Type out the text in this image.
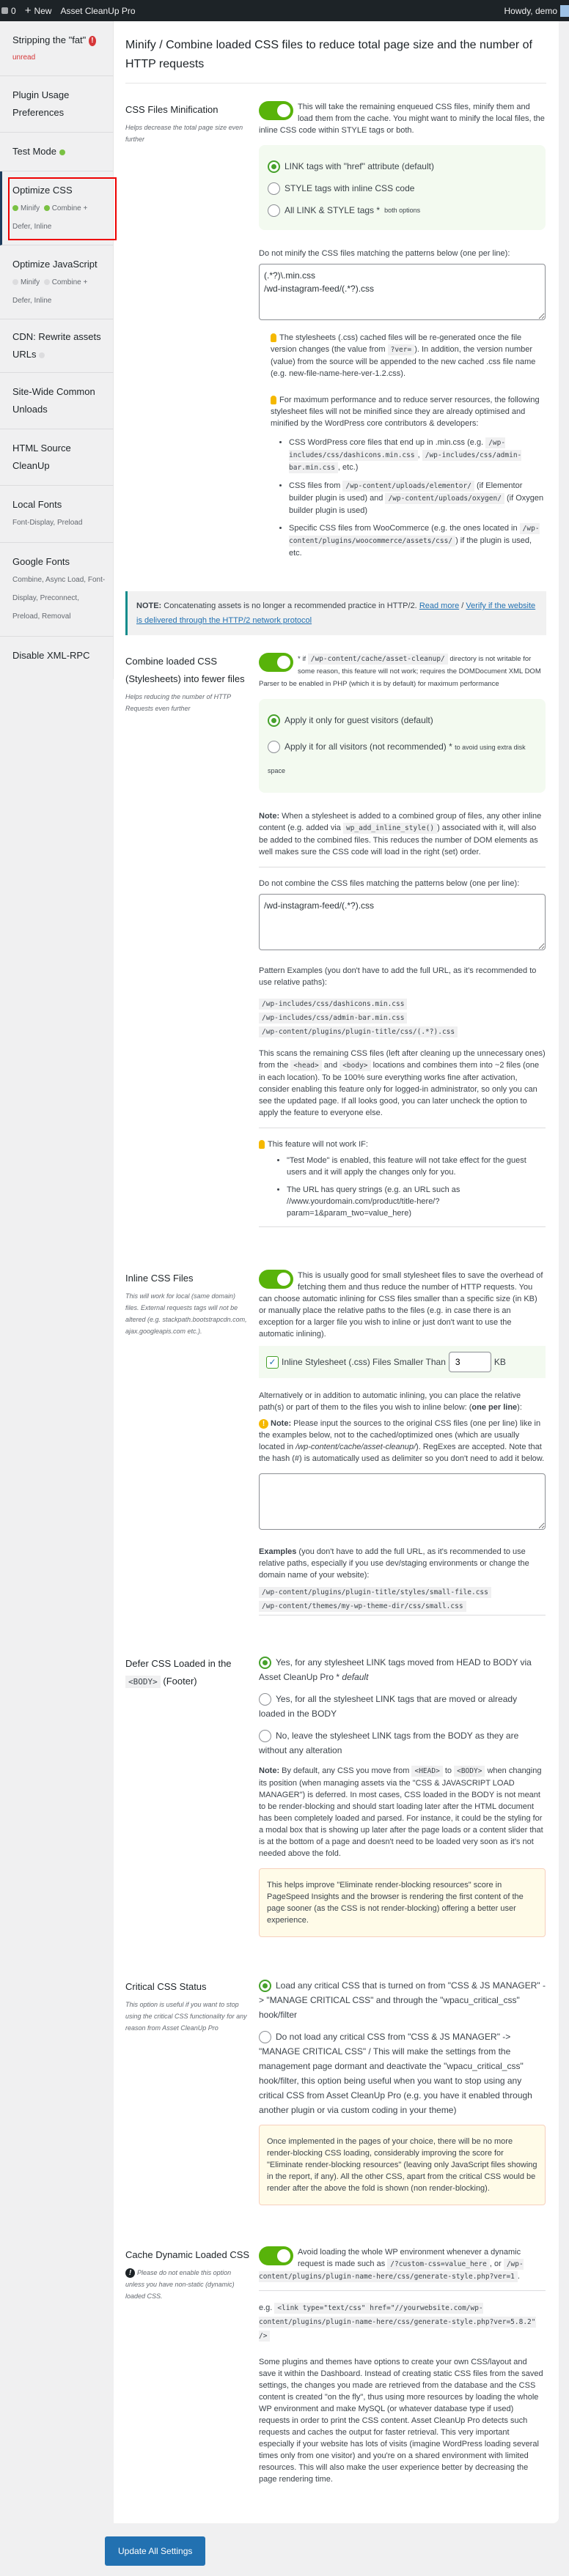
0 + New Asset CleanUp Pro	Howdy, demo
Stripping the "fat" !
unread
Plugin Usage Preferences
Test Mode
Optimize CSS
Minify Combine + Defer, Inline
Optimize JavaScript
Minify Combine + Defer, Inline
CDN: Rewrite assets URLs
Site-Wide Common Unloads
HTML Source CleanUp
Local Fonts
Font-Display, Preload
Google Fonts
Combine, Async Load, Font-Display, Preconnect, Preload, Removal
Disable XML-RPC
Minify / Combine loaded CSS files to reduce total page size and the number of HTTP requests
CSS Files Minification
Helps decrease the total page size even further
This will take the remaining enqueued CSS files, minify them and load them from the cache. You might want to minify the local files, the inline CSS code within STYLE tags or both.
LINK tags with "href" attribute (default)
STYLE tags with inline CSS code
All LINK & STYLE tags * both options

Do not minify the CSS files matching the patterns below (one per line):

(.*?)\.min.css /wd-instagram-feed/(.*?).css

The stylesheets (.css) cached files will be re-generated once the file version changes (the value from ?ver= ). In addition, the version number (value) from the source will be appended to the new cached .css file name (e.g. new-file-name-here-ver-1.2.css).

For maximum performance and to reduce server resources, the following stylesheet files will not be minified since they are already optimised and minified by the WordPress core contributors & developers:

• CSS WordPress core files that end up in .min.css (e.g. /wp-includes/css/dashicons.min.css , /wp-includes/css/admin-bar.min.css , etc.)
• CSS files from /wp-content/uploads/elementor/ (if Elementor builder plugin is used) and /wp-content/uploads/oxygen/ (if Oxygen builder plugin is used)
• Specific CSS files from WooCommerce (e.g. the ones located in /wp-content/plugins/woocommerce/assets/css/ ) if the plugin is used, etc.
NOTE: Concatenating assets is no longer a recommended practice in HTTP/2. Read more / Verify if the website is delivered through the HTTP/2 network protocol
Combine loaded CSS (Stylesheets) into fewer files
Helps reducing the number of HTTP Requests even further
* if /wp-content/cache/asset-cleanup/ directory is not writable for some reason, this feature will not work; requires the DOMDocument XML DOM Parser to be enabled in PHP (which it is by default) for maximum performance
Apply it only for guest visitors (default)
Apply it for all visitors (not recommended) * to avoid using extra disk space

Note: When a stylesheet is added to a combined group of files, any other inline content (e.g. added via wp_add_inline_style() ) associated with it, will also be added to the combined files. This reduces the number of DOM elements as well makes sure the CSS code will load in the right (set) order.

Do not combine the CSS files matching the patterns below (one per line):

/wd-instagram-feed/(.*?).css

Pattern Examples (you don't have to add the full URL, as it's recommended to use relative paths):

/wp-includes/css/dashicons.min.css
/wp-includes/css/admin-bar.min.css
/wp-content/plugins/plugin-title/css/(.*?).css

This scans the remaining CSS files (left after cleaning up the unnecessary ones) from the <head> and <body> locations and combines them into ~2 files (one in each location). To be 100% sure everything works fine after activation, consider enabling this feature only for logged-in administrator, so only you can see the updated page. If all looks good, you can later uncheck the option to apply the feature to everyone else.

This feature will not work IF:
• "Test Mode" is enabled, this feature will not take effect for the guest users and it will apply the changes only for you.
• The URL has query strings (e.g. an URL such as //www.yourdomain.com/product/title-here/?param=1&param_two=value_here)
Inline CSS Files
This will work for local (same domain) files. External requests tags will not be altered (e.g. stackpath.bootstrapcdn.com, ajax.googleapis.com etc.).
This is usually good for small stylesheet files to save the overhead of fetching them and thus reduce the number of HTTP requests. You can choose automatic inlining for CSS files smaller than a specific size (in KB) or manually place the relative paths to the files (e.g. in case there is an exception for a larger file you wish to inline or just don't want to use the automatic inlining).
✓ Inline Stylesheet (.css) Files Smaller Than
3	KB

Alternatively or in addition to automatic inlining, you can place the relative path(s) or part of them to the files you wish to inline below: (one per line):

! Note: Please input the sources to the original CSS files (one per line) like in the examples below, not to the cached/optimized ones (which are usually located in /wp-content/cache/asset-cleanup/). RegExes are accepted. Note that the hash (#) is automatically used as delimiter so you don't need to add it below.

Examples (you don't have to add the full URL, as it's recommended to use relative paths, especially if you use dev/staging environments or change the domain name of your website):

/wp-content/plugins/plugin-title/styles/small-file.css
/wp-content/themes/my-wp-theme-dir/css/small.css
Defer CSS Loaded in the <BODY> (Footer)
Yes, for any stylesheet LINK tags moved from HEAD to BODY via Asset CleanUp Pro * default
Yes, for all the stylesheet LINK tags that are moved or already loaded in the BODY
No, leave the stylesheet LINK tags from the BODY as they are without any alteration

Note: By default, any CSS you move from <HEAD> to <BODY> when changing its position (when managing assets via the "CSS & JAVASCRIPT LOAD MANAGER") is deferred. In most cases, CSS loaded in the BODY is not meant to be render-blocking and should start loading later after the HTML document has been completely loaded and parsed. For instance, it could be the styling for a modal box that is showing up later after the page loads or a content slider that is at the bottom of a page and doesn't need to be loaded very soon as it's not needed above the fold.

This helps improve "Eliminate render-blocking resources" score in PageSpeed Insights and the browser is rendering the first content of the page sooner (as the CSS is not render-blocking) offering a better user experience.
Critical CSS Status
This option is useful if you want to stop using the critical CSS functionality for any reason from Asset CleanUp Pro
Load any critical CSS that is turned on from "CSS & JS MANAGER" -> "MANAGE CRITICAL CSS" and through the "wpacu_critical_css" hook/filter
Do not load any critical CSS from "CSS & JS MANAGER" -> "MANAGE CRITICAL CSS" / This will make the settings from the management page dormant and deactivate the "wpacu_critical_css" hook/filter, this option being useful when you want to stop using any critical CSS from Asset CleanUp Pro (e.g. you have it enabled through another plugin or via custom coding in your theme)
Once implemented in the pages of your choice, there will be no more render-blocking CSS loading, considerably improving the score for "Eliminate render-blocking resources" (leaving only JavaScript files showing in the report, if any). All the other CSS, apart from the critical CSS would be render after the above the fold is shown (non render-blocking).
Cache Dynamic Loaded CSS
! Please do not enable this option unless you have non-static (dynamic) loaded CSS.
Avoid loading the whole WP environment whenever a dynamic request is made such as /?custom-css=value_here , or /wp-content/plugins/plugin-name-here/css/generate-style.php?ver=1 .

e.g. <link type="text/css" href="//yourwebsite.com/wp-content/plugins/plugin-name-here/css/generate-style.php?ver=5.8.2" />

Some plugins and themes have options to create your own CSS/layout and save it within the Dashboard. Instead of creating static CSS files from the saved settings, the changes you made are retrieved from the database and the CSS content is created "on the fly", thus using more resources by loading the whole WP environment and make MySQL (or whatever database type if used) requests in order to print the CSS content. Asset CleanUp Pro detects such requests and caches the output for faster retrieval. This very important especially if your website has lots of visits (imagine WordPress loading several times only from one visitor) and you're on a shared environment with limited resources. This will also make the user experience better by decreasing the page rendering time.

Update All Settings
